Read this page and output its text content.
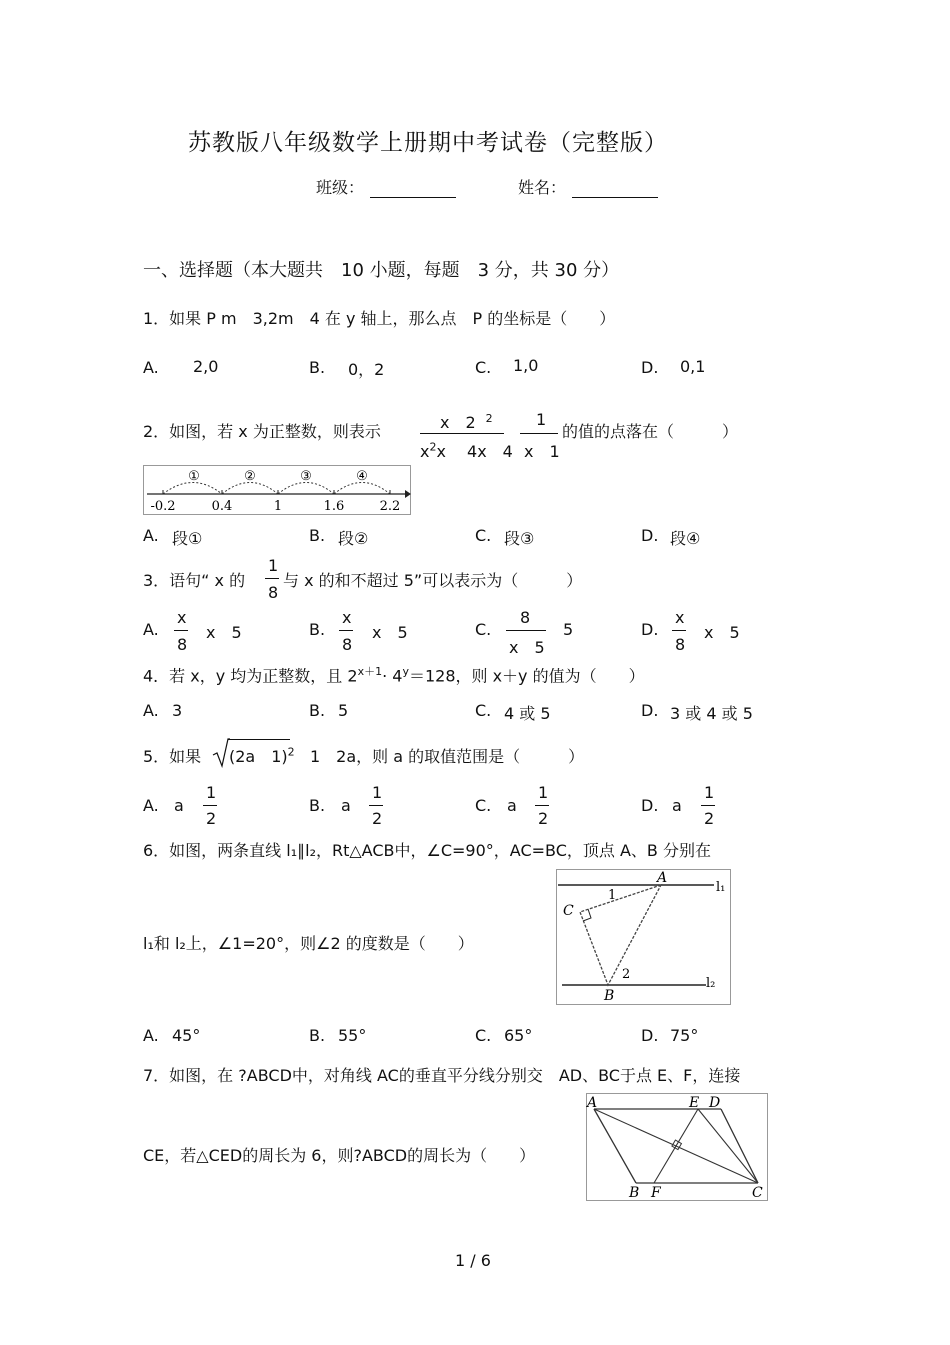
苏教版八年级数学上册期中考试卷（完整版）
班级：	姓名：
一、选择题（本大题共　10 小题，每题　3 分，共 30 分）
1．如果 P m　3,2m　4 在 y 轴上，那么点　P 的坐标是（　　）
A. 2,0	B. 0，2	C. 1,0	D. 0,1
2．如图，若 x 为正整数，则表示	x　2 $^2$
$x^2x$　 4x　4
1
x　1
的值的点落在（　　　）
①	②	③	④
-0.2	0.4	1	1.6	2.2
A. 段①	B. 段②	C. 段③	D. 段④
3．语句“ x 的
1
8
与 x 的和不超过 5”可以表示为（　　　）
A.
x
8
x　5	B.
x
8
x　5	C.
8
x　5
5	D.
x
8
x　5
4．若 x，y 均为正整数，且 $2^{x+1}\cdot 4^y=128$，则 x＋y 的值为（　　）
A. 3	B. 5	C. 4 或 5	D. 3 或 4 或 5
5．如果 (2a　1)$^2$ 1　2a，则 a 的取值范围是（　　　）
A. a
1
2
B. a
1
2
C. a
1
2
D. a
1
2
6．如图，两条直线 l₁∥l₂，Rt△ACB中，∠C=90°，AC=BC，顶点 A、B 分别在
l₁和 l₂上，∠1=20°，则∠2 的度数是（　　）
A
C
B
1
2
l₁
l₂
A. 45°	B. 55°	C. 65°	D. 75°
7．如图，在 ?ABCD中，对角线 AC的垂直平分线分别交　AD、BC于点 E、F，连接
CE，若△CED的周长为 6，则?ABCD的周长为（　　）
A	E D
B F	C
1 / 6
